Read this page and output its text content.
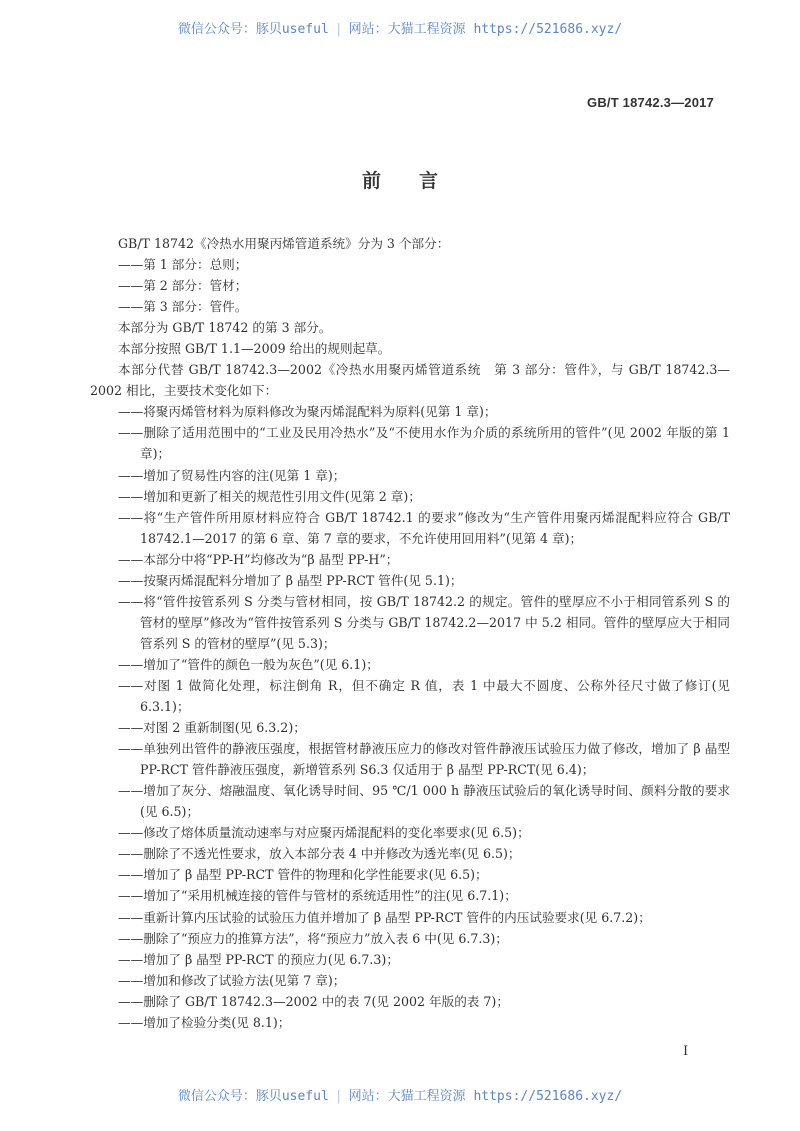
微信公众号：豚贝useful | 网站：大猫工程资源 https://521686.xyz/
GB/T 18742.3—2017
前言

GB/T 18742《冷热水用聚丙烯管道系统》分为 3 个部分：

——第 1 部分：总则；

——第 2 部分：管材；

——第 3 部分：管件。

本部分为 GB/T 18742 的第 3 部分。

本部分按照 GB/T 1.1—2009 给出的规则起草。

本部分代替 GB/T 18742.3—2002《冷热水用聚丙烯管道系统　第 3 部分：管件》，与 GB/T 18742.3—2002 相比，主要技术变化如下：

——将聚丙烯管材料为原料修改为聚丙烯混配料为原料(见第 1 章)；

——删除了适用范围中的“工业及民用冷热水”及“不使用水作为介质的系统所用的管件”(见 2002 年版的第 1 章)；

——增加了贸易性内容的注(见第 1 章)；

——增加和更新了相关的规范性引用文件(见第 2 章)；

——将“生产管件所用原材料应符合 GB/T 18742.1 的要求”修改为“生产管件用聚丙烯混配料应符合 GB/T 18742.1—2017 的第 6 章、第 7 章的要求，不允许使用回用料”(见第 4 章)；

——本部分中将“PP-H”均修改为“β 晶型 PP-H”；

——按聚丙烯混配料分增加了 β 晶型 PP-RCT 管件(见 5.1)；

——将“管件按管系列 S 分类与管材相同，按 GB/T 18742.2 的规定。管件的壁厚应不小于相同管系列 S 的管材的壁厚”修改为“管件按管系列 S 分类与 GB/T 18742.2—2017 中 5.2 相同。管件的壁厚应大于相同管系列 S 的管材的壁厚”(见 5.3)；

——增加了“管件的颜色一般为灰色”(见 6.1)；

——对图 1 做简化处理，标注倒角 R，但不确定 R 值，表 1 中最大不圆度、公称外径尺寸做了修订(见 6.3.1)；

——对图 2 重新制图(见 6.3.2)；

——单独列出管件的静液压强度，根据管材静液压应力的修改对管件静液压试验压力做了修改，增加了 β 晶型 PP-RCT 管件静液压强度，新增管系列 S6.3 仅适用于 β 晶型 PP-RCT(见 6.4)；

——增加了灰分、熔融温度、氧化诱导时间、95 ℃/1 000 h 静液压试验后的氧化诱导时间、颜料分散的要求(见 6.5)；

——修改了熔体质量流动速率与对应聚丙烯混配料的变化率要求(见 6.5)；

——删除了不透光性要求，放入本部分表 4 中并修改为透光率(见 6.5)；

——增加了 β 晶型 PP-RCT 管件的物理和化学性能要求(见 6.5)；

——增加了“采用机械连接的管件与管材的系统适用性”的注(见 6.7.1)；

——重新计算内压试验的试验压力值并增加了 β 晶型 PP-RCT 管件的内压试验要求(见 6.7.2)；

——删除了“预应力的推算方法”，将“预应力”放入表 6 中(见 6.7.3)；

——增加了 β 晶型 PP-RCT 的预应力(见 6.7.3)；

——增加和修改了试验方法(见第 7 章)；

——删除了 GB/T 18742.3—2002 中的表 7(见 2002 年版的表 7)；

——增加了检验分类(见 8.1)；

I
微信公众号：豚贝useful | 网站：大猫工程资源 https://521686.xyz/
